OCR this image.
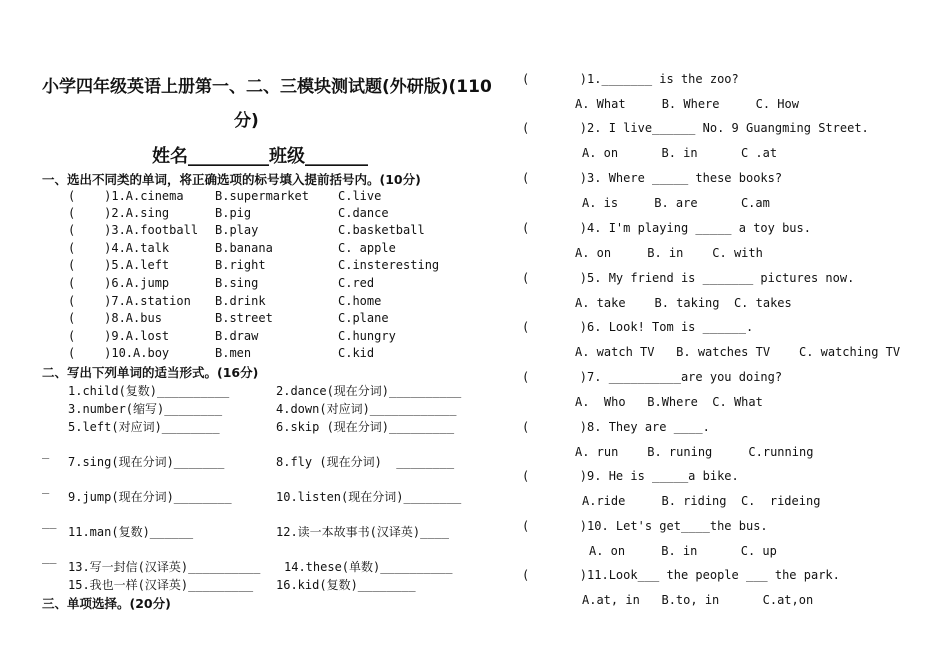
小学四年级英语上册第一、二、三模块测试题(外研版)(110
分)
姓名_________班级_______
一、选出不同类的单词，将正确选项的标号填入提前括号内。(10分)
(    )1.A.cinema	B.supermarket C.live
(    )2.A.sing	B.pig	C.dance
(    )3.A.football B.play	C.basketball
(    )4.A.talk	B.banana	C. apple
(    )5.A.left	B.right	C.insteresting
(    )6.A.jump	B.sing	C.red
(    )7.A.station B.drink	C.home
(    )8.A.bus	B.street	C.plane
(    )9.A.lost	B.draw	C.hungry
(    )10.A.boy	B.men	C.kid
二、写出下列单词的适当形式。(16分)
1.child(复数)__________	2.dance(现在分词)__________
3.number(缩写)________	4.down(对应词)____________
5.left(对应词)________	6.skip (现在分词)_________
7.sing(现在分词)_______	8.fly (现在分词)  ________
9.jump(现在分词)________	10.listen(现在分词)________
11.man(复数)______	12.读一本故事书(汉译英)____
13.写一封信(汉译英)__________ 14.these(单数)__________
15.我也一样(汉译英)_________ 16.kid(复数)________
_
_
__
__
三、单项选择。(20分)
(       )1._______ is the zoo?
A. What     B. Where     C. How
(       )2. I live______ No. 9 Guangming Street.
A. on      B. in      C .at
(       )3. Where _____ these books?
A. is     B. are      C.am
(       )4. I'm playing _____ a toy bus.
A. on     B. in    C. with
(       )5. My friend is _______ pictures now.
A. take    B. taking  C. takes
(       )6. Look! Tom is ______.
A. watch TV   B. watches TV    C. watching TV
(       )7. __________are you doing?
A.  Who   B.Where  C. What
(       )8. They are ____.
A. run    B. runing     C.running
(       )9. He is _____a bike.
A.ride     B. riding  C.  rideing
(       )10. Let's get____the bus.
A. on     B. in      C. up
(       )11.Look___ the people ___ the park.
A.at, in   B.to, in      C.at,on
